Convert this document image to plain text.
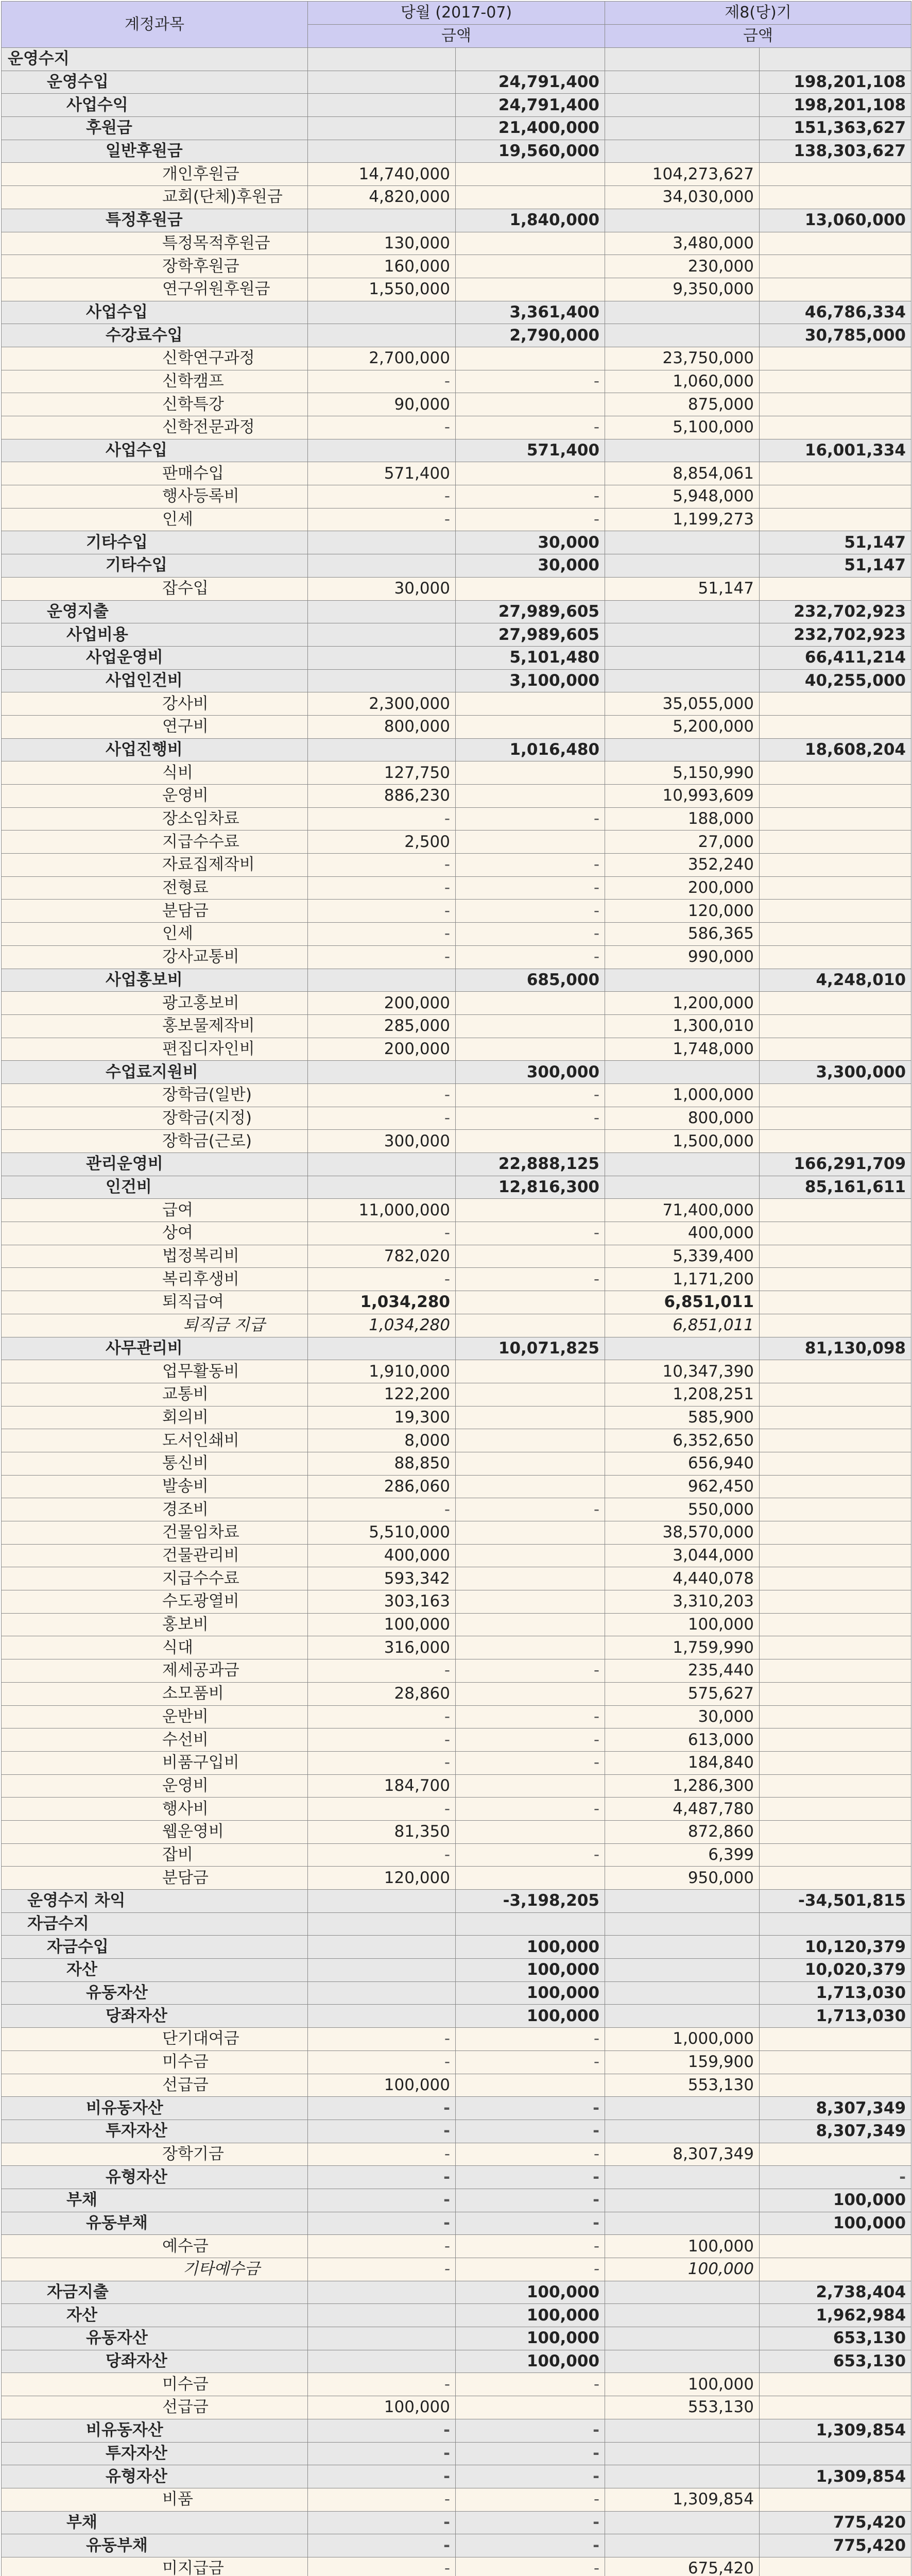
계정과목	당월 (2017-07)		제8(당)기	
	금액		금액	
운영수지				
운영수입		24,791,400		198,201,108
사업수익		24,791,400		198,201,108
후원금		21,400,000		151,363,627
일반후원금		19,560,000		138,303,627
개인후원금	14,740,000		104,273,627	
교회(단체)후원금	4,820,000		34,030,000	
특정후원금		1,840,000		13,060,000
특정목적후원금	130,000		3,480,000	
장학후원금	160,000		230,000	
연구위원후원금	1,550,000		9,350,000	
사업수입		3,361,400		46,786,334
수강료수입		2,790,000		30,785,000
신학연구과정	2,700,000		23,750,000	
신학캠프	-	-	1,060,000	
신학특강	90,000		875,000	
신학전문과정	-	-	5,100,000	
사업수입		571,400		16,001,334
판매수입	571,400		8,854,061	
행사등록비	-	-	5,948,000	
인세	-	-	1,199,273	
기타수입		30,000		51,147
기타수입		30,000		51,147
잡수입	30,000		51,147	
운영지출		27,989,605		232,702,923
사업비용		27,989,605		232,702,923
사업운영비		5,101,480		66,411,214
사업인건비		3,100,000		40,255,000
강사비	2,300,000		35,055,000	
연구비	800,000		5,200,000	
사업진행비		1,016,480		18,608,204
식비	127,750		5,150,990	
운영비	886,230		10,993,609	
장소임차료	-	-	188,000	
지급수수료	2,500		27,000	
자료집제작비	-	-	352,240	
전형료	-	-	200,000	
분담금	-	-	120,000	
인세	-	-	586,365	
강사교통비	-	-	990,000	
사업홍보비		685,000		4,248,010
광고홍보비	200,000		1,200,000	
홍보물제작비	285,000		1,300,010	
편집디자인비	200,000		1,748,000	
수업료지원비		300,000		3,300,000
장학금(일반)	-	-	1,000,000	
장학금(지정)	-	-	800,000	
장학금(근로)	300,000		1,500,000	
관리운영비		22,888,125		166,291,709
인건비		12,816,300		85,161,611
급여	11,000,000		71,400,000	
상여	-	-	400,000	
법정복리비	782,020		5,339,400	
복리후생비	-	-	1,171,200	
퇴직급여	1,034,280		6,851,011	
퇴직금 지급	1,034,280		6,851,011	
사무관리비		10,071,825		81,130,098
업무활동비	1,910,000		10,347,390	
교통비	122,200		1,208,251	
회의비	19,300		585,900	
도서인쇄비	8,000		6,352,650	
통신비	88,850		656,940	
발송비	286,060		962,450	
경조비	-	-	550,000	
건물임차료	5,510,000		38,570,000	
건물관리비	400,000		3,044,000	
지급수수료	593,342		4,440,078	
수도광열비	303,163		3,310,203	
홍보비	100,000		100,000	
식대	316,000		1,759,990	
제세공과금	-	-	235,440	
소모품비	28,860		575,627	
운반비	-	-	30,000	
수선비	-	-	613,000	
비품구입비	-	-	184,840	
운영비	184,700		1,286,300	
행사비	-	-	4,487,780	
웹운영비	81,350		872,860	
잡비	-	-	6,399	
분담금	120,000		950,000	
운영수지 차익		-3,198,205		-34,501,815
자금수지				
자금수입		100,000		10,120,379
자산		100,000		10,020,379
유동자산		100,000		1,713,030
당좌자산		100,000		1,713,030
단기대여금	-	-	1,000,000	
미수금	-	-	159,900	
선급금	100,000		553,130	
비유동자산	-	-		8,307,349
투자자산	-	-		8,307,349
장학기금	-	-	8,307,349	
유형자산	-	-		-
부채	-	-		100,000
유동부채	-	-		100,000
예수금	-	-	100,000	
기타예수금	-	-	100,000	
자금지출		100,000		2,738,404
자산		100,000		1,962,984
유동자산		100,000		653,130
당좌자산		100,000		653,130
미수금	-	-	100,000	
선급금	100,000		553,130	
비유동자산	-	-		1,309,854
투자자산	-	-		
유형자산	-	-		1,309,854
비품	-	-	1,309,854	
부채	-	-		775,420
유동부채	-	-		775,420
미지급금	-	-	675,420	
